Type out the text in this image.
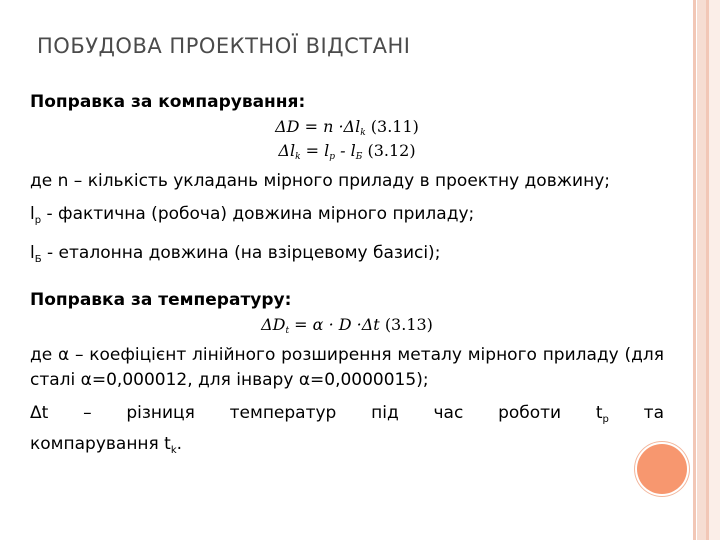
ПОБУДОВА ПРОЕКТНОЇ ВІДСТАНІ

Поправка за компарування:

$\Delta D = n \cdot\Delta l_k$ (3.11)
$\Delta l_k = l_p - l_Б$ (3.12)

де n – кількість укладань мірного приладу в проектну довжину;

$l_р$ - фактична (робоча) довжина мірного приладу;

$l_Б$ - еталонна довжина (на взірцевому базисі);

Поправка за температуру:

$\Delta D_t = \alpha \cdot D \cdot\Delta t$ (3.13)

де α – коефіцієнт лінійного розширення металу мірного приладу (для сталі α=0,000012, для інвару α=0,0000015);

Δt – різниця температур під час роботи $t_р$ та

компарування $t_k$.
